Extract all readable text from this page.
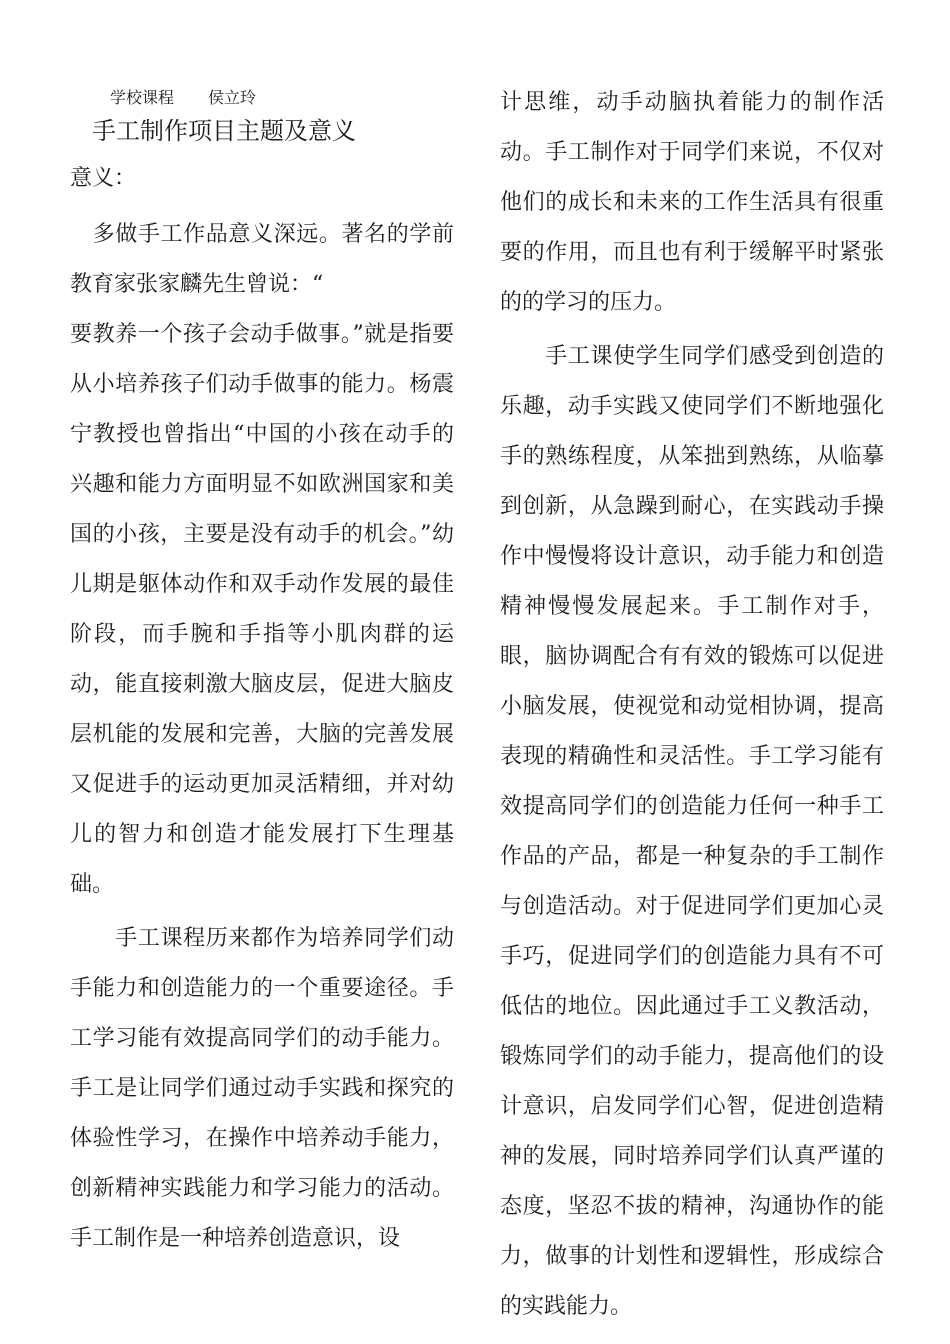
学校课程 侯立玲
手工制作项目主题及意义

意义：

　多做手工作品意义深远。著名的学前教育家张家麟先生曾说：“

要教养一个孩子会动手做事。”就是指要从小培养孩子们动手做事的能力。杨震宁教授也曾指出“中国的小孩在动手的兴趣和能力方面明显不如欧洲国家和美国的小孩，主要是没有动手的机会。”幼儿期是躯体动作和双手动作发展的最佳阶段，而手腕和手指等小肌肉群的运动，能直接刺激大脑皮层，促进大脑皮层机能的发展和完善，大脑的完善发展又促进手的运动更加灵活精细，并对幼儿的智力和创造才能发展打下生理基础。

　　手工课程历来都作为培养同学们动手能力和创造能力的一个重要途径。手工学习能有效提高同学们的动手能力。手工是让同学们通过动手实践和探究的体验性学习，在操作中培养动手能力，创新精神实践能力和学习能力的活动。手工制作是一种培养创造意识，设

计思维，动手动脑执着能力的制作活动。手工制作对于同学们来说，不仅对他们的成长和未来的工作生活具有很重要的作用，而且也有利于缓解平时紧张的的学习的压力。

　　手工课使学生同学们感受到创造的乐趣，动手实践又使同学们不断地强化手的熟练程度，从笨拙到熟练，从临摹到创新，从急躁到耐心，在实践动手操作中慢慢将设计意识，动手能力和创造精神慢慢发展起来。手工制作对手，眼，脑协调配合有有效的锻炼可以促进小脑发展，使视觉和动觉相协调，提高表现的精确性和灵活性。手工学习能有效提高同学们的创造能力任何一种手工作品的产品，都是一种复杂的手工制作与创造活动。对于促进同学们更加心灵手巧，促进同学们的创造能力具有不可低估的地位。因此通过手工义教活动，锻炼同学们的动手能力，提高他们的设计意识，启发同学们心智，促进创造精神的发展，同时培养同学们认真严谨的态度，坚忍不拔的精神，沟通协作的能力，做事的计划性和逻辑性，形成综合的实践能力。
